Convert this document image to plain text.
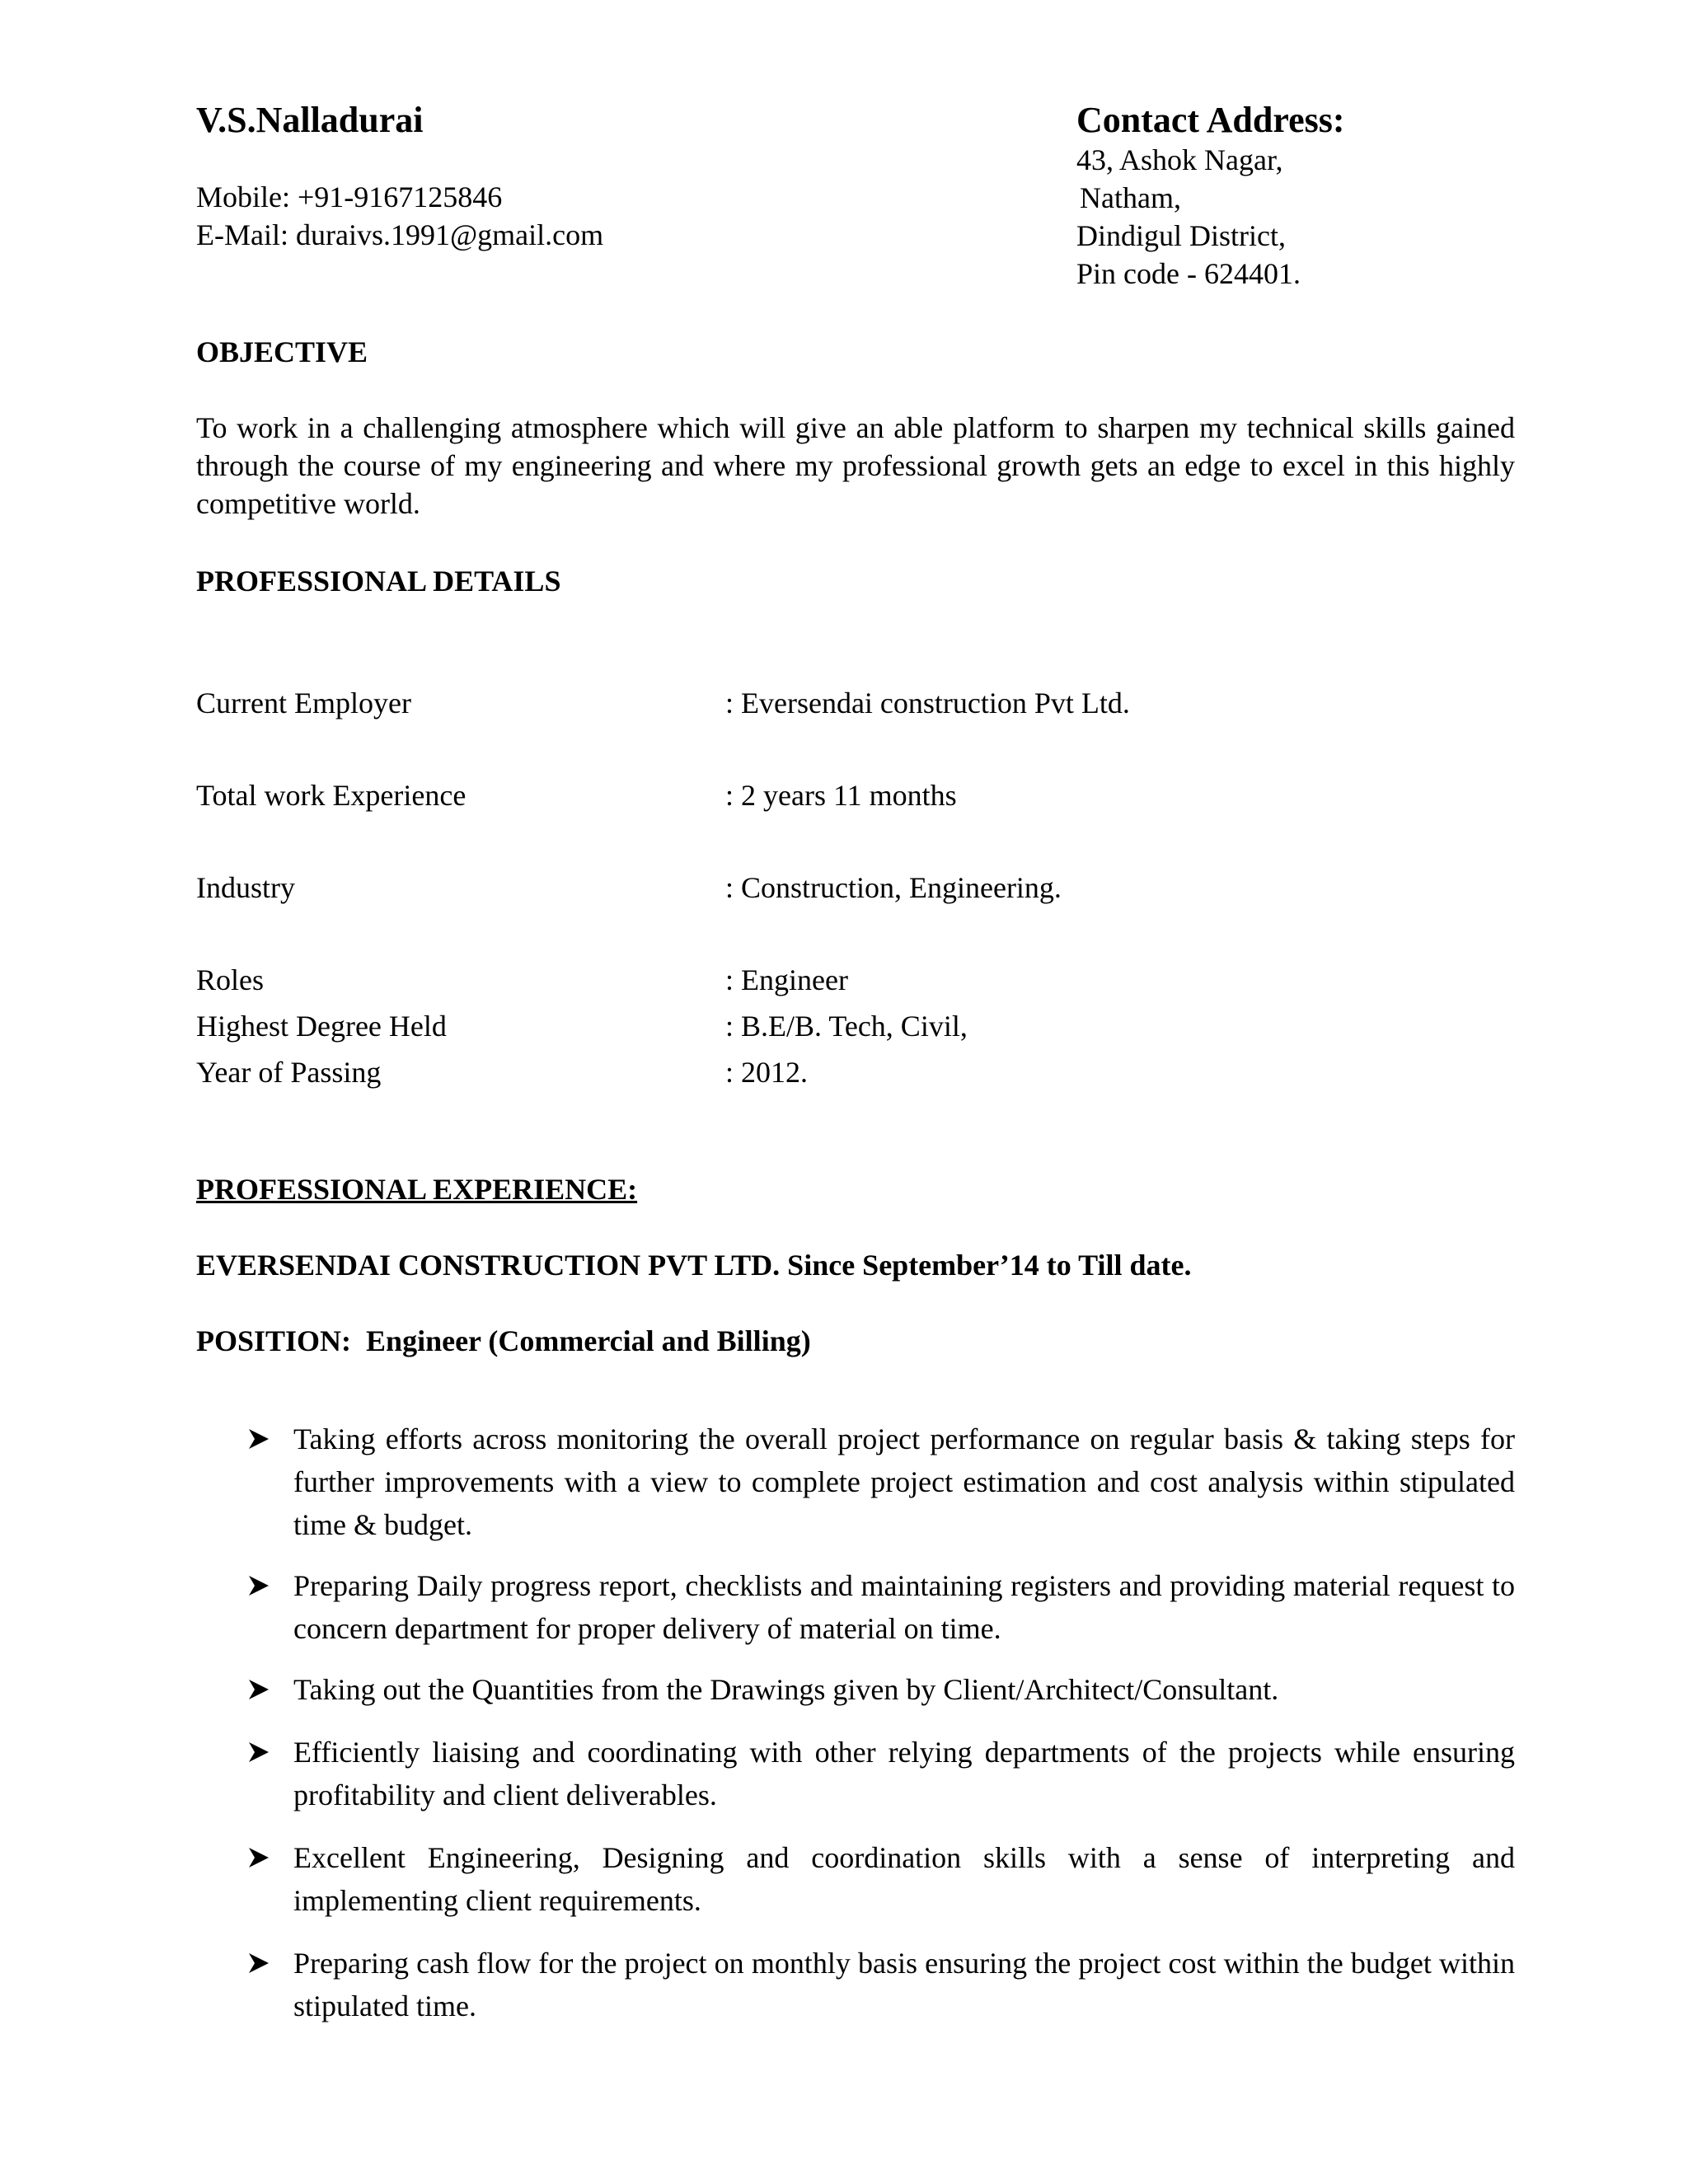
V.S.Nalladurai
Mobile: +91-9167125846
E-Mail: duraivs.1991@gmail.com
Contact Address:
43, Ashok Nagar,
Natham,
Dindigul District,
Pin code - 624401.
OBJECTIVE
To work in a challenging atmosphere which will give an able platform to sharpen my technical skills gained through the course of my engineering and where my professional growth gets an edge to excel in this highly competitive world.
PROFESSIONAL DETAILS
Current Employer	: Eversendai construction Pvt Ltd.
Total work Experience	: 2 years 11 months
Industry	: Construction, Engineering.
Roles	: Engineer
Highest Degree Held	: B.E/B. Tech, Civil,
Year of Passing	: 2012.
PROFESSIONAL EXPERIENCE:
EVERSENDAI CONSTRUCTION PVT LTD. Since September’14 to Till date.
POSITION:  Engineer (Commercial and Billing)
Taking efforts across monitoring the overall project performance on regular basis & taking steps for further improvements with a view to complete project estimation and cost analysis within stipulated time & budget.
Preparing Daily progress report, checklists and maintaining registers and providing material request to concern department for proper delivery of material on time.
Taking out the Quantities from the Drawings given by Client/Architect/Consultant.
Efficiently liaising and coordinating with other relying departments of the projects while ensuring profitability and client deliverables.
Excellent Engineering, Designing and coordination skills with a sense of interpreting and implementing client requirements.
Preparing cash flow for the project on monthly basis ensuring the project cost within the budget within stipulated time.
